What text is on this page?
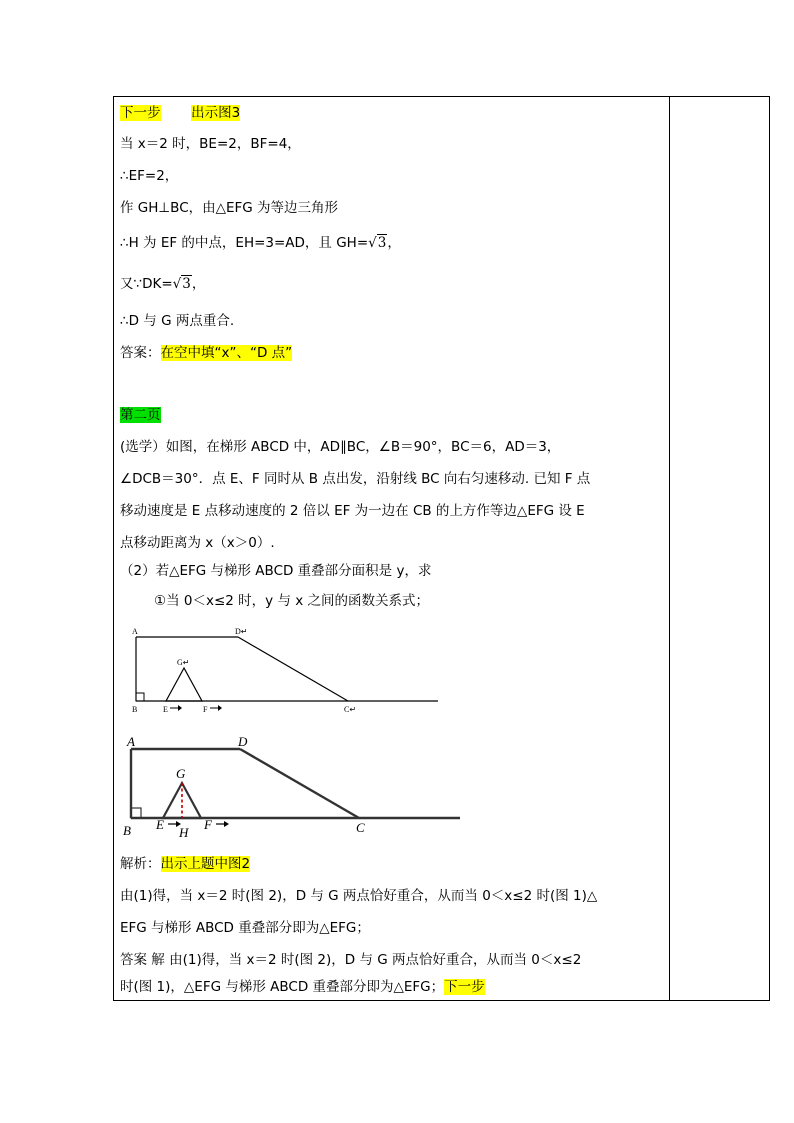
下一步 出示图3
当 x＝2 时，BE=2，BF=4，
∴EF=2，
作 GH⊥BC，由△EFG 为等边三角形
∴H 为 EF 的中点，EH=3=AD，且 GH=√3，
又∵DK=√3，
∴D 与 G 两点重合.
答案：在空中填“x”、“D 点”
第二页
(选学）如图，在梯形 ABCD 中，AD∥BC，∠B＝90°，BC＝6，AD＝3，
∠DCB＝30°．点 E、F 同时从 B 点出发，沿射线 BC 向右匀速移动. 已知 F 点
移动速度是 E 点移动速度的 2 倍以 EF 为一边在 CB 的上方作等边△EFG 设 E
点移动距离为 x（x＞0）.
（2）若△EFG 与梯形 ABCD 重叠部分面积是 y，求
①当 0＜x≤2 时，y 与 x 之间的函数关系式；
A	D↵
G↵
B	E	F	C↵
A	D
G
B E
H
F	C
解析：出示上题中图2
由(1)得，当 x＝2 时(图 2)，D 与 G 两点恰好重合，从而当 0＜x≤2 时(图 1)△
EFG 与梯形 ABCD 重叠部分即为△EFG；
答案 解 由(1)得，当 x＝2 时(图 2)，D 与 G 两点恰好重合，从而当 0＜x≤2
时(图 1)，△EFG 与梯形 ABCD 重叠部分即为△EFG；下一步
